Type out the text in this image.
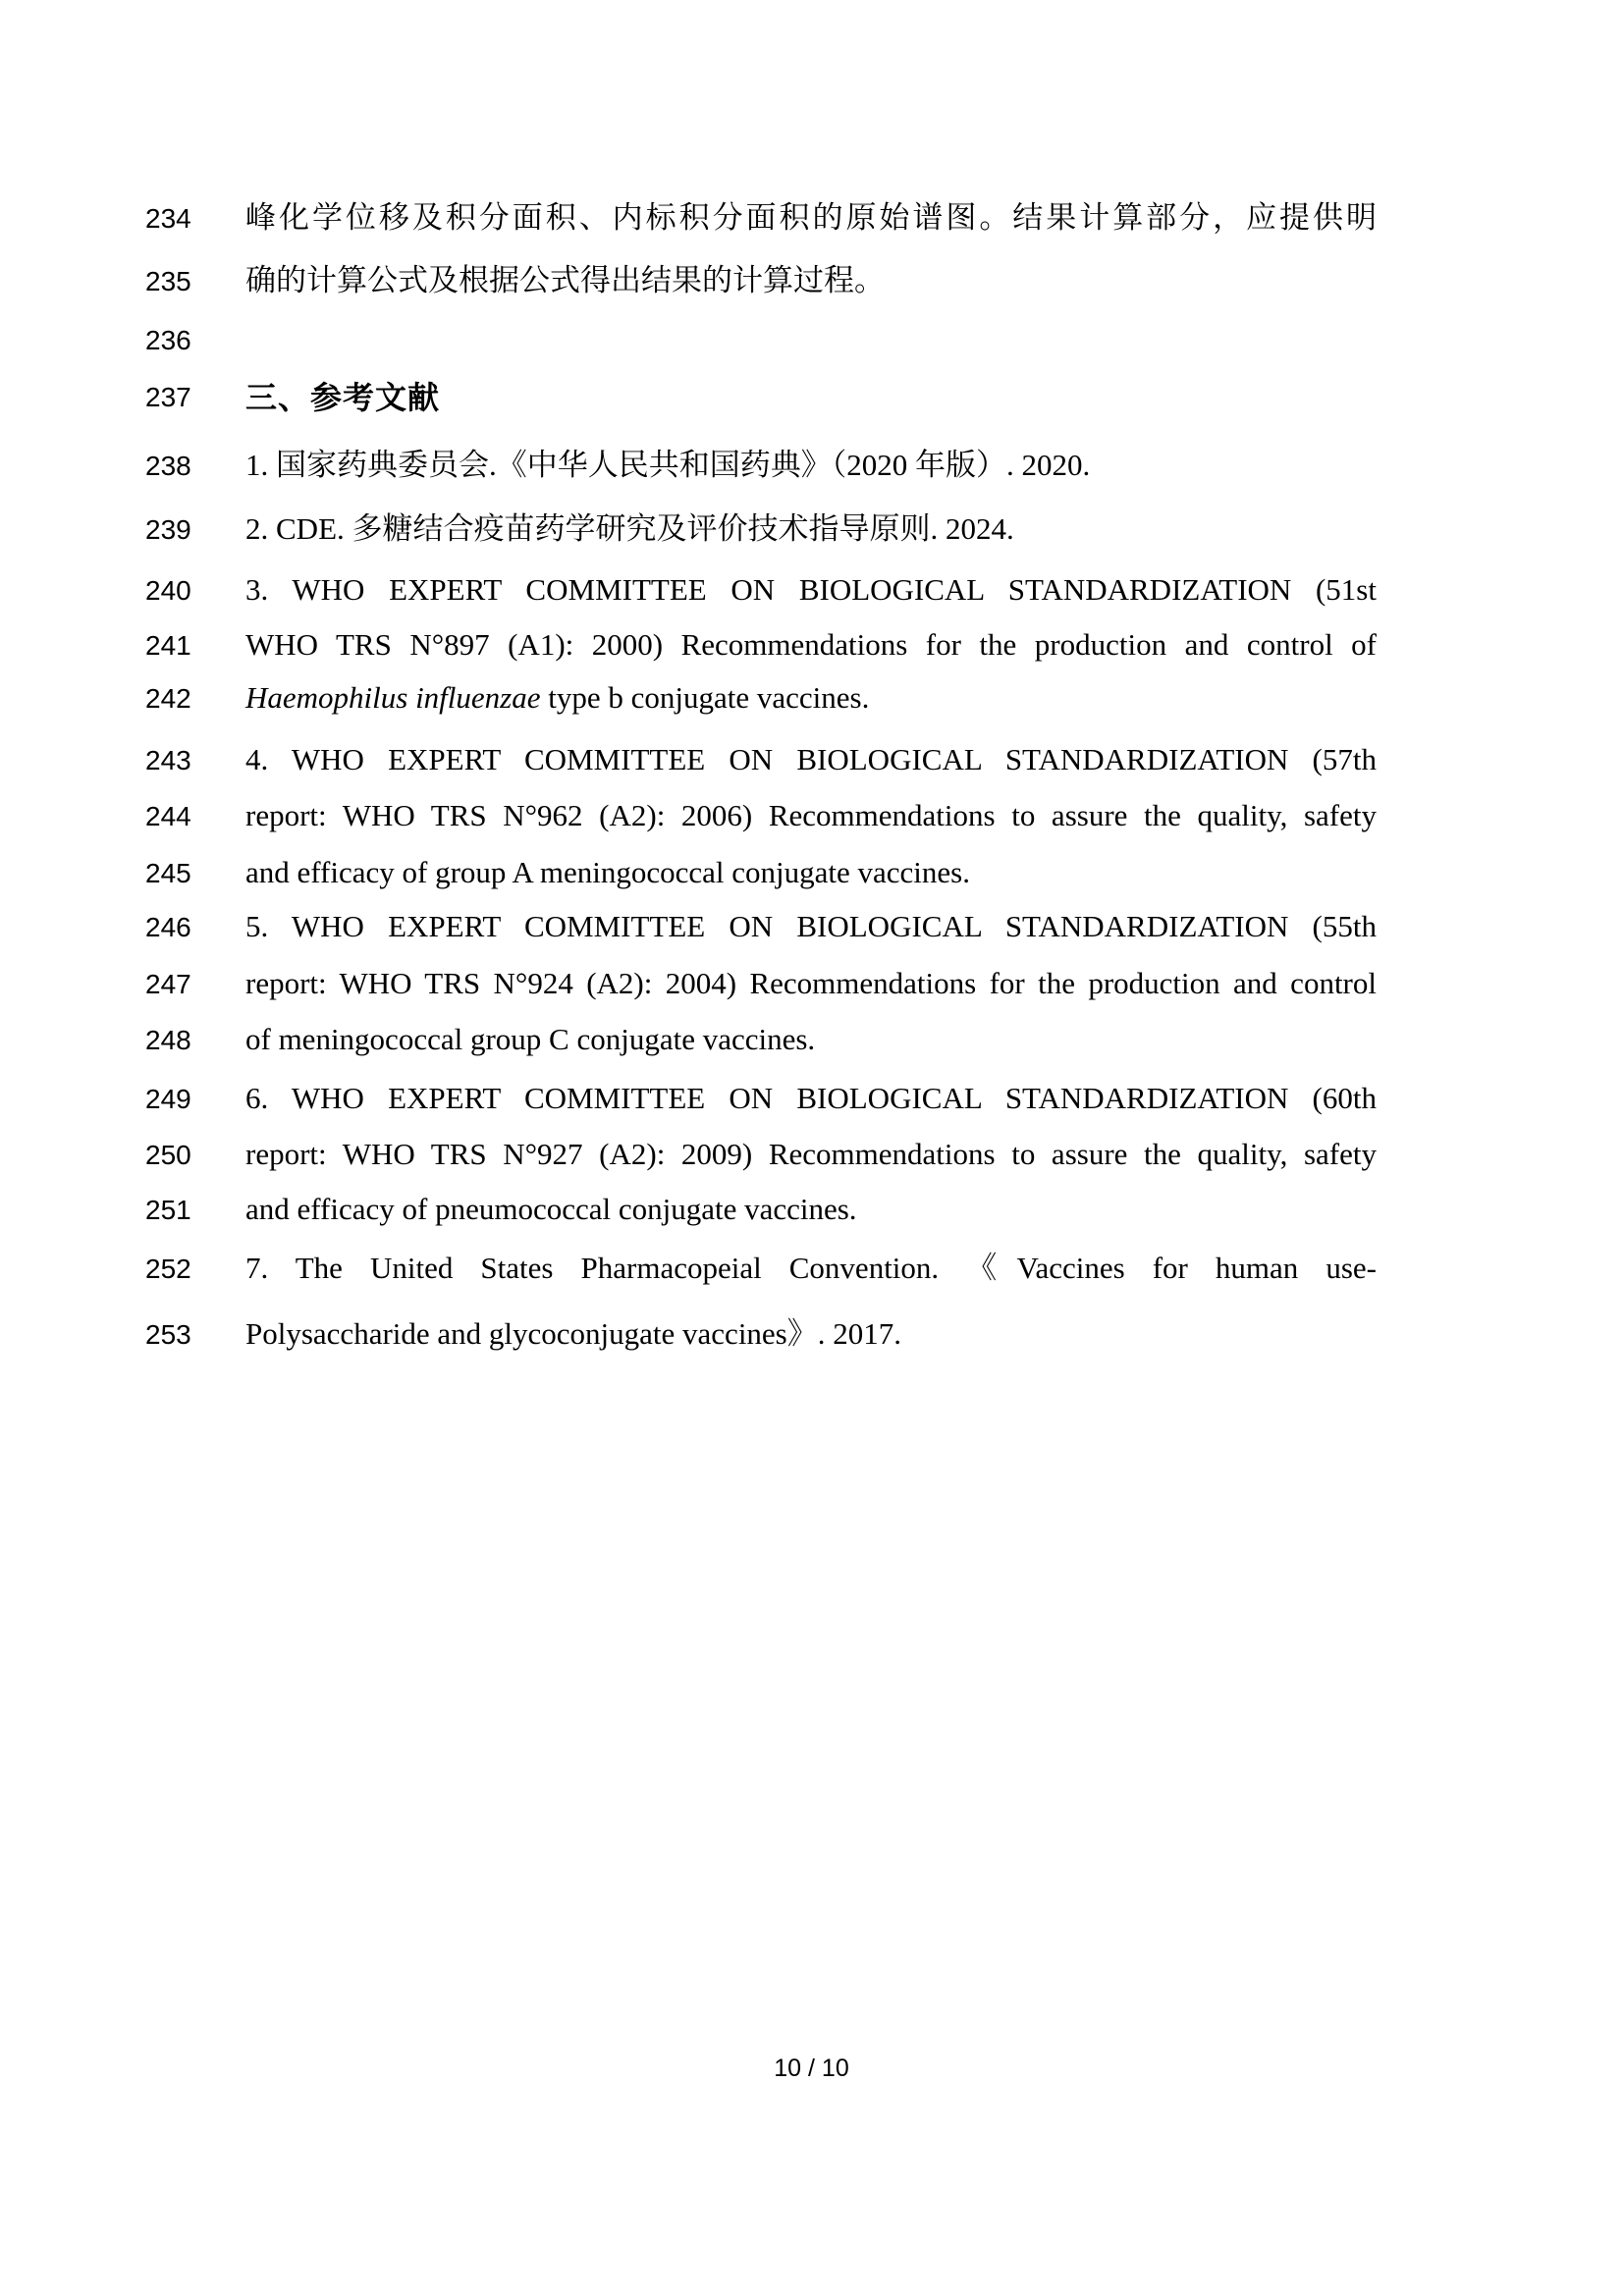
234 峰化学位移及积分面积、内标积分面积的原始谱图。结果计算部分，应提供明
235 确的计算公式及根据公式得出结果的计算过程。
236
237 三、参考文献
238 1. 国家药典委员会.《中华人民共和国药典》（2020 年版）. 2020.
239 2. CDE. 多糖结合疫苗药学研究及评价技术指导原则. 2024.
240 3. WHO EXPERT COMMITTEE ON BIOLOGICAL STANDARDIZATION (51st
241 WHO TRS N°897 (A1): 2000) Recommendations for the production and control of
242 Haemophilus influenzae type b conjugate vaccines.
243 4. WHO EXPERT COMMITTEE ON BIOLOGICAL STANDARDIZATION (57th
244 report: WHO TRS N°962 (A2): 2006) Recommendations to assure the quality, safety
245 and efficacy of group A meningococcal conjugate vaccines.
246 5. WHO EXPERT COMMITTEE ON BIOLOGICAL STANDARDIZATION (55th
247 report: WHO TRS N°924 (A2): 2004) Recommendations for the production and control
248 of meningococcal group C conjugate vaccines.
249 6. WHO EXPERT COMMITTEE ON BIOLOGICAL STANDARDIZATION (60th
250 report: WHO TRS N°927 (A2): 2009) Recommendations to assure the quality, safety
251 and efficacy of pneumococcal conjugate vaccines.
252 7. The United States Pharmacopeial Convention. 《Vaccines for human use-
253 Polysaccharide and glycoconjugate vaccines》. 2017.
10 / 10
